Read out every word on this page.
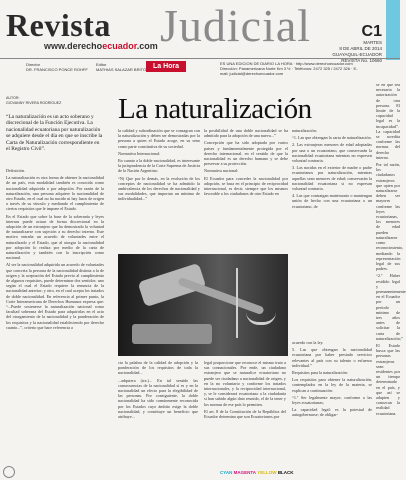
Revista
www.derechoecuador.com Judicial	C1
MARTES
8 DE ABRIL DE 2014
GUAYAQUIL-ECUADOR
REVISTA No. 10660
Director
DR. FRANCISCO PONCE ROHFF
Editor
MATHIAS SALAZAR BRITO La Hora	ES UNA EDICION DE DIARIO LA HORA · http://www.derechoecuador.com
Dirección: Panamericana Norte Km 3 ½ · Teléfonos: 2472 325 / 2472 326 · E-mail: judicial@derechoecuador.com
AUTOR:
GIOVANNY RIVERA RODRÍGUEZ La naturalización
“La naturalización es un acto soberano y discrecional de la Función Ejecutiva. La nacionalidad ecuatoriana por naturalización se adquiere desde el día en que se inscribe la Carta de Naturalización correspondiente en el Registro Civil”.

Definición.

La naturalización es otra forma de obtener la nacionalidad de un país, esta modalidad también es conocida como nacionalidad adquirida o por adopción. Por razón de la naturalización, una persona adquiere la nacionalidad de otro Estado, en el cual no ha nacido ni hay lazos de origen a través de su vínculo y mediando el cumplimiento de ciertos requisitos que le impone el Estado.

En el Estado que sobre la base de la soberanía y leyes internas puede actuar de forma discrecional en la adopción de un extranjero que ha demostrado la voluntad de naturalizarse con sujeción a su derecho interno. Este motivo entraña un acuerdo de voluntades entre el naturalizado y el Estado, que al otorgar la nacionalidad por adopción lo realiza por medio de la carta de naturalización y también con la inscripción como nacional.

Al ser la nacionalidad adquirida un acuerdo de voluntades que concreta la persona de la nacionalidad distinta a la de origen y la aceptación del Estado previo al cumplimiento de algunos requisitos, puede determinar dos sentidos: uno según el cual el Estado requiere la renuncia de la nacionalidad anterior; y otro, en el cual acepta los tratados de doble nacionalidad. En referencia al primer punto, la Corte Interamericana de Derechos Humanos expresa que: “...Puede sostenerse la naturalización nacional como facultad soberana del Estado para adquirirlas en el acto del otorgamiento de la nacionalidad y la ponderación de los requisitos y la nacionalidad estableciendo por derecho cuanto...”, criterio que hace referencia a

la calidad y subordinación que se consagran con la naturalización y deben ser demostradas por la persona a quien el Estado acoge, en su seno como parte constitutiva de su sociedad.

Normativa Internacional:

En cuanto a la doble nacionalidad, es interesante la jurisprudencia de la Corte Suprema de Justicia de la Nación Argentina:

“N) Que por lo demás, en la evolución de los conceptos de nacionalidad se ha admitido la ambivalencia de los derechos de nacionalidad y sus modalidades, que importan un mínimo de individualidad...”

la posibilidad de una doble nacionalidad se ha admitido para la adopción de una nueva...”

Concepción que ha sido adoptada por varios países y fundamentalmente protegida por el derecho internacional, en el sentido de que la nacionalidad es un derecho humano y se debe preservar a su protección.

Normativa nacional:

El Ecuador para conceder la nacionalidad por adopción, se basa en el principio de reciprocidad internacional, es decir, siempre que los mismos favorable a los ciudadanos de otro Estado en

naturalización:

“1. Las que obtengan la carta de naturalización.

2. Las extranjeras menores de edad adoptadas por una o un ecuatoriano, que conservarán la nacionalidad ecuatoriana mientras no expresen voluntad contraria.

3. Las nacidas en el exterior de madre o padre ecuatorianos por naturalización, mientras aquellas sean menores de edad; conservarán la nacionalidad ecuatoriana si no expresan voluntad contraria.

4. Las que contraigan matrimonio o mantengan unión de hecho con una ecuatoriana o un ecuatoriano, de

cia la palabra de la calidad de adopción y la ponderación de los requisitos de toda la nacionalidad...

...adquiera (tra.)... En tal sentido las consecuencias de la nacionalidad sí es y en la nacionalidad un efecto para la elegibilidad de las personas. Por consiguiente, la doble nacionalidad ha sido comúnmente reconocida por los Estados cuyo ámbito exige la doble nacionalidad, y constituye un beneficio que atribuye...

legal proporcione que reconoce el mismo trato a sus connacionales. Por ende, un ciudadano extranjero que se naturalice ecuatoriano no puede ser ciudadano a nacionalidad de origen, y en la no voluntario y conforme los tratados internacionales, y la reciprocidad internacional, y, se le considerará ecuatoriano a la ciudadanía si han sabido algún dato reunido, el de la tener y los normas de ese país lo permiten.

El art. 8 de la Constitución de la República del Ecuador determina que son Ecuatorianos por

acuerdo con la ley.

5. Las que obtengan la nacionalidad ecuatoriana por haber prestado servicios relevantes al país con su talento o esfuerzo individual.”

Requisitos para la naturalización:

Los requisitos para obtener la naturalización, contemplados en la ley de la materia, se explican a continuación:

“1.º Ser legalmente mayor, conforme a las leyes ecuatorianas;

La capacidad legal: es la potestad de autogobernarse; de obligar-

se en que sea necesaria la autorización de otra persona. El límite de la capacidad legal es la incapacidad”. La capacidad se acredita conforme las normas del derecho interno.

Por tal razón, los ciudadanos extranjeros que opten por naturalizarse deben ser mayores conforme las leyes ecuatorianas, los menores de edad pueden naturalizarse como reconocimiento, mediando la representación legal de sus padres.

“2.º Haber residido legal y permanentemente en el Ecuador por un período mínimo de tres años antes de solicitar la carta de naturalización;”

El Estado busca que las personas extranjeras sean residentes por un tiempo determinado en el país, y que así se adapten y conozcan la realidad ecuatoriana.

CYAN MAGENTA YELLOW BLACK
